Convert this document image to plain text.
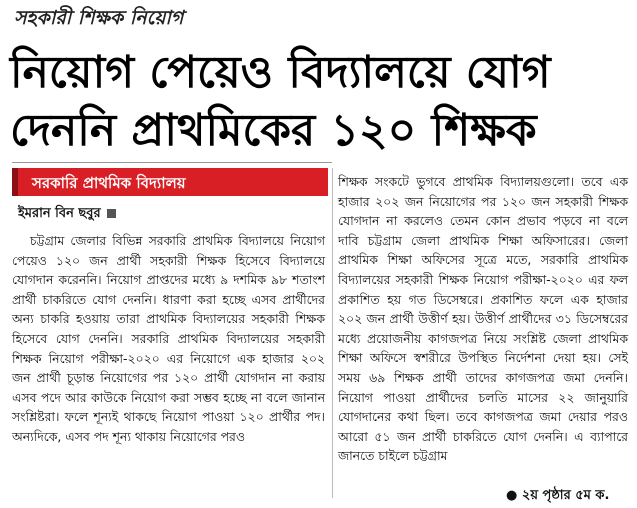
সহকারী শিক্ষক নিয়োগ
নিয়োগ পেয়েও বিদ্যালয়ে যোগ
দেননি প্রাথমিকের ১২০ শিক্ষক
সরকারি প্রাথমিক বিদ্যালয়
ইমরান বিন ছবুর

চট্টগ্রাম জেলার বিভিন্ন সরকারি প্রাথমিক বিদ্যালয়ে নিয়োগ পেয়েও ১২০ জন প্রার্থী সহকারী শিক্ষক হিসেবে বিদ্যালয়ে যোগদান করেননি। নিয়োগ প্রাপ্তদের মধ্যে ৯ দশমিক ৯৮ শতাংশ প্রার্থী চাকরিতে যোগ দেননি। ধারণা করা হচ্ছে এসব প্রার্থীদের অন্য চাকরি হওয়ায় তারা প্রাথমিক বিদ্যালয়ের সহকারী শিক্ষক হিসেবে যোগ দেননি। সরকারি প্রাথমিক বিদ্যালয়ের সহকারী শিক্ষক নিয়োগ পরীক্ষা-২০২০ এর নিয়োগে এক হাজার ২০২ জন প্রার্থী চূড়ান্ত নিয়োগের পর ১২০ প্রার্থী যোগদান না করায় এসব পদে আর কাউকে নিয়োগ করা সম্ভব হচ্ছে না বলে জানান সংশ্লিষ্টরা। ফলে শূন্যই থাকছে নিয়োগ পাওয়া ১২০ প্রার্থীর পদ। অন্যদিকে, এসব পদ শূন্য থাকায় নিয়োগের পরও

শিক্ষক সংকটে ভুগবে প্রাথমিক বিদ্যালয়গুলো। তবে এক হাজার ২০২ জন নিয়োগের পর ১২০ জন সহকারী শিক্ষক যোগদান না করলেও তেমন কোন প্রভাব পড়বে না বলে দাবি চট্টগ্রাম জেলা প্রাথমিক শিক্ষা অফিসারের। জেলা প্রাথমিক শিক্ষা অফিসের সূত্রে মতে, সরকারি প্রাথমিক বিদ্যালয়ের সহকারী শিক্ষক নিয়োগ পরীক্ষা-২০২০ এর ফল প্রকাশিত হয় গত ডিসেম্বরে। প্রকাশিত ফলে এক হাজার ২০২ জন প্রার্থী উত্তীর্ণ হয়। উত্তীর্ণ প্রার্থীদের ৩১ ডিসেম্বরের মধ্যে প্রয়োজনীয় কাগজপত্র নিয়ে সংশ্লিষ্ট জেলা প্রাথমিক শিক্ষা অফিসে স্বশরীরে উপস্থিত নির্দেশনা দেয়া হয়। সেই সময় ৬৯ শিক্ষক প্রার্থী তাদের কাগজপত্র জমা দেননি। নিয়োগ পাওয়া প্রার্থীদের চলতি মাসের ২২ জানুয়ারি যোগদানের কথা ছিল। তবে কাগজপত্র জমা দেয়ার পরও আরো ৫১ জন প্রার্থী চাকরিতে যোগ দেননি। এ ব্যাপারে জানতে চাইলে চট্টগ্রাম

● ২য় পৃষ্ঠার ৫ম ক.
